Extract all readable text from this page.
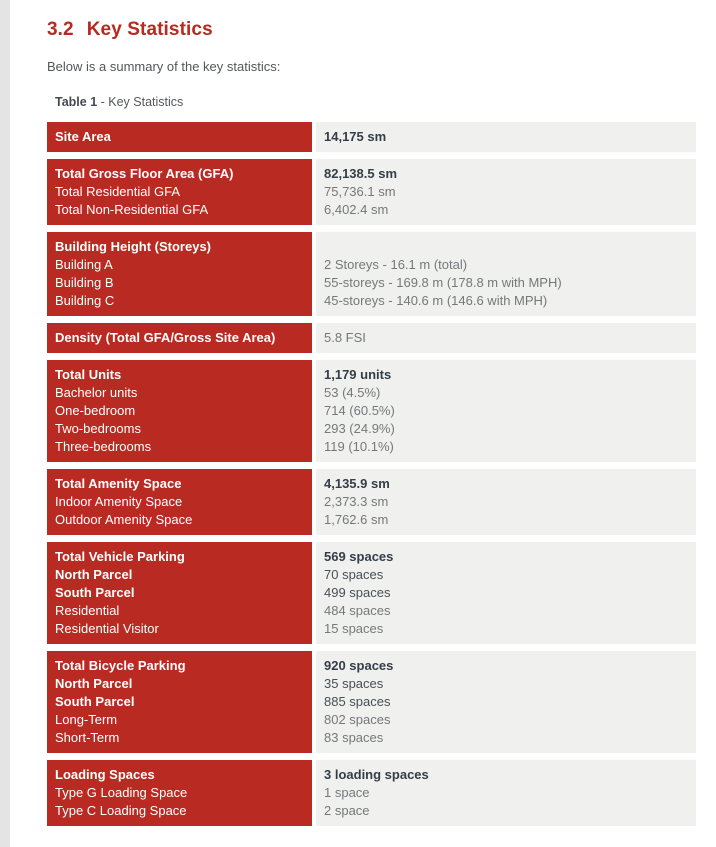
3.2 Key Statistics
Below is a summary of the key statistics:
Table 1 - Key Statistics
Site Area	14,175 sm
Total Gross Floor Area (GFA)
Total Residential GFA
Total Non-Residential GFA
82,138.5 sm
75,736.1 sm
6,402.4 sm
Building Height (Storeys)
Building A
Building B
Building C

2 Storeys - 16.1 m (total)
55-storeys - 169.8 m (178.8 m with MPH)
45-storeys - 140.6 m (146.6 with MPH)
Density (Total GFA/Gross Site Area)	5.8 FSI
Total Units
Bachelor units
One-bedroom
Two-bedrooms
Three-bedrooms
1,179 units
53 (4.5%)
714 (60.5%)
293 (24.9%)
119 (10.1%)
Total Amenity Space
Indoor Amenity Space
Outdoor Amenity Space
4,135.9 sm
2,373.3 sm
1,762.6 sm
Total Vehicle Parking
North Parcel
South Parcel
Residential
Residential Visitor
569 spaces
70 spaces
499 spaces
484 spaces
15 spaces
Total Bicycle Parking
North Parcel
South Parcel
Long-Term
Short-Term
920 spaces
35 spaces
885 spaces
802 spaces
83 spaces
Loading Spaces
Type G Loading Space
Type C Loading Space
3 loading spaces
1 space
2 space
